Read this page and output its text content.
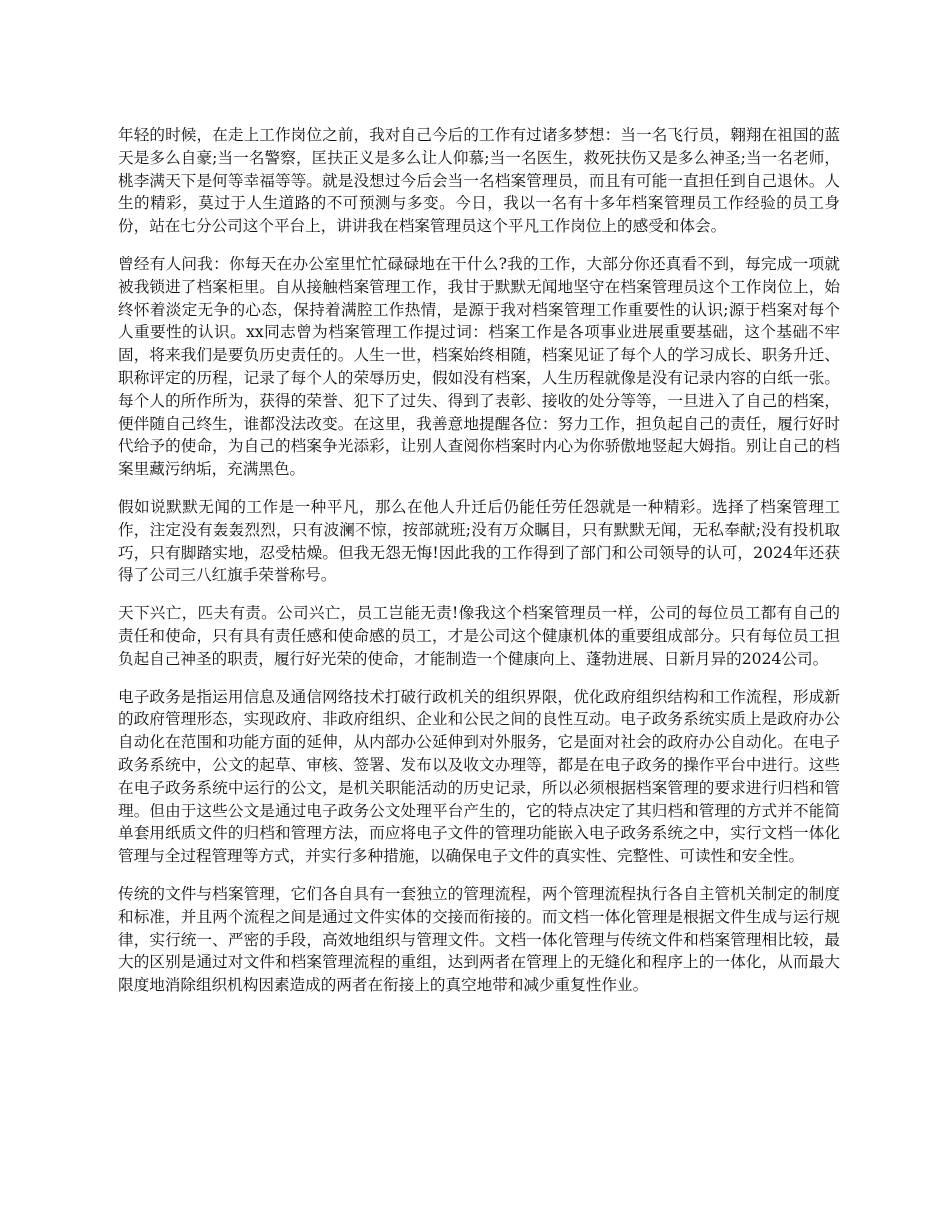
年轻的时候，在走上工作岗位之前，我对自己今后的工作有过诸多梦想：当一名飞行员，翱翔在祖国的蓝天是多么自豪;当一名警察，匡扶正义是多么让人仰慕;当一名医生，救死扶伤又是多么神圣;当一名老师，桃李满天下是何等幸福等等。就是没想过今后会当一名档案管理员，而且有可能一直担任到自己退休。人生的精彩，莫过于人生道路的不可预测与多变。今日，我以一名有十多年档案管理员工作经验的员工身份，站在七分公司这个平台上，讲讲我在档案管理员这个平凡工作岗位上的感受和体会。

曾经有人问我：你每天在办公室里忙忙碌碌地在干什么?我的工作，大部分你还真看不到，每完成一项就被我锁进了档案柜里。自从接触档案管理工作，我甘于默默无闻地坚守在档案管理员这个工作岗位上，始终怀着淡定无争的心态，保持着满腔工作热情，是源于我对档案管理工作重要性的认识;源于档案对每个人重要性的认识。xx同志曾为档案管理工作提过词：档案工作是各项事业进展重要基础，这个基础不牢固，将来我们是要负历史责任的。人生一世，档案始终相随，档案见证了每个人的学习成长、职务升迁、职称评定的历程，记录了每个人的荣辱历史，假如没有档案，人生历程就像是没有记录内容的白纸一张。每个人的所作所为，获得的荣誉、犯下了过失、得到了表彰、接收的处分等等，一旦进入了自己的档案，便伴随自己终生，谁都没法改变。在这里，我善意地提醒各位：努力工作，担负起自己的责任，履行好时代给予的使命，为自己的档案争光添彩，让别人查阅你档案时内心为你骄傲地竖起大姆指。别让自己的档案里藏污纳垢，充满黑色。

假如说默默无闻的工作是一种平凡，那么在他人升迁后仍能任劳任怨就是一种精彩。选择了档案管理工作，注定没有轰轰烈烈，只有波澜不惊，按部就班;没有万众瞩目，只有默默无闻，无私奉献;没有投机取巧，只有脚踏实地，忍受枯燥。但我无怨无悔!因此我的工作得到了部门和公司领导的认可，2024年还获得了公司三八红旗手荣誉称号。

天下兴亡，匹夫有责。公司兴亡，员工岂能无责!像我这个档案管理员一样，公司的每位员工都有自己的责任和使命，只有具有责任感和使命感的员工，才是公司这个健康机体的重要组成部分。只有每位员工担负起自己神圣的职责，履行好光荣的使命，才能制造一个健康向上、蓬勃进展、日新月异的2024公司。

电子政务是指运用信息及通信网络技术打破行政机关的组织界限，优化政府组织结构和工作流程，形成新的政府管理形态，实现政府、非政府组织、企业和公民之间的良性互动。电子政务系统实质上是政府办公自动化在范围和功能方面的延伸，从内部办公延伸到对外服务，它是面对社会的政府办公自动化。在电子政务系统中，公文的起草、审核、签署、发布以及收文办理等，都是在电子政务的操作平台中进行。这些在电子政务系统中运行的公文，是机关职能活动的历史记录，所以必须根据档案管理的要求进行归档和管理。但由于这些公文是通过电子政务公文处理平台产生的，它的特点决定了其归档和管理的方式并不能简单套用纸质文件的归档和管理方法，而应将电子文件的管理功能嵌入电子政务系统之中，实行文档一体化管理与全过程管理等方式，并实行多种措施，以确保电子文件的真实性、完整性、可读性和安全性。

传统的文件与档案管理，它们各自具有一套独立的管理流程，两个管理流程执行各自主管机关制定的制度和标准，并且两个流程之间是通过文件实体的交接而衔接的。而文档一体化管理是根据文件生成与运行规律，实行统一、严密的手段，高效地组织与管理文件。文档一体化管理与传统文件和档案管理相比较，最大的区别是通过对文件和档案管理流程的重组，达到两者在管理上的无缝化和程序上的一体化，从而最大限度地消除组织机构因素造成的两者在衔接上的真空地带和减少重复性作业。
